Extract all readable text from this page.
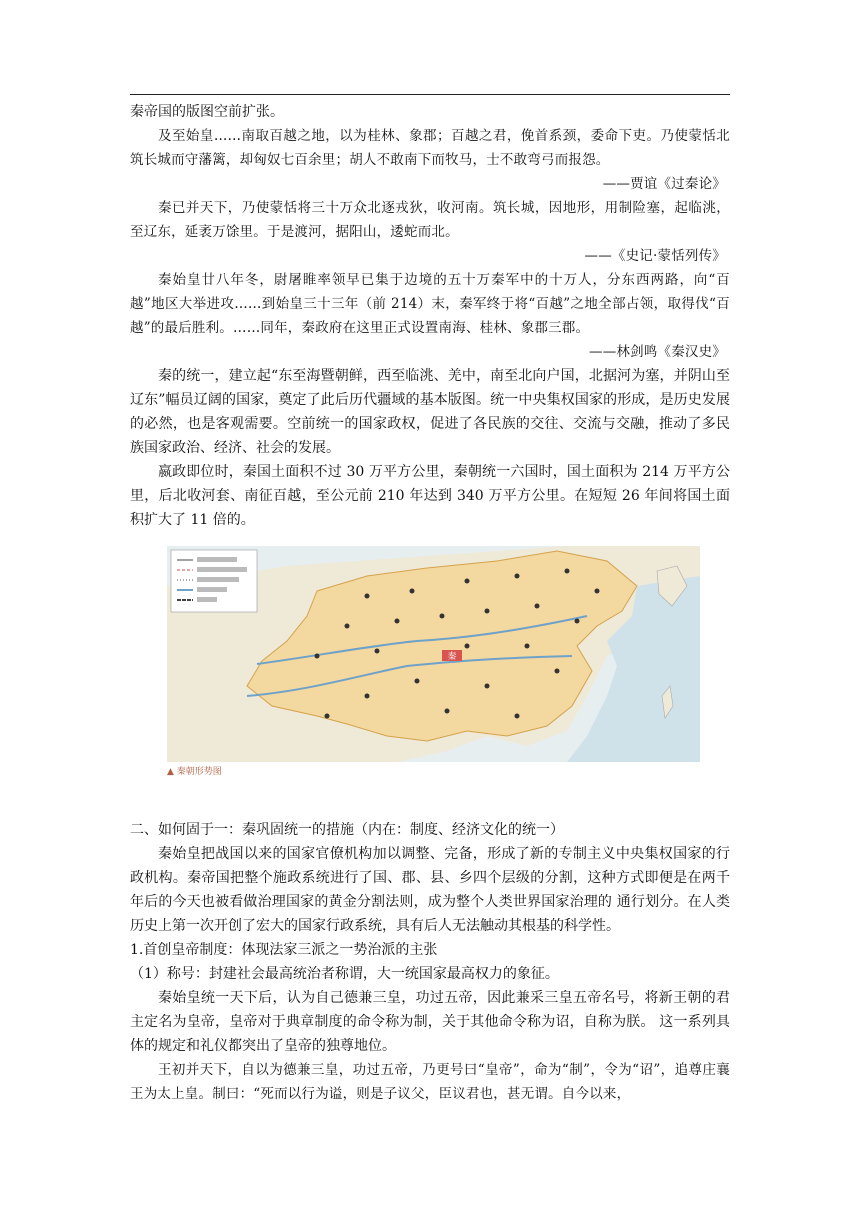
秦帝国的版图空前扩张。

及至始皇……南取百越之地，以为桂林、象郡；百越之君，俛首系颈，委命下吏。乃使蒙恬北筑长城而守藩篱，却匈奴七百余里；胡人不敢南下而牧马，士不敢弯弓而报怨。

——贾谊《过秦论》

秦已并天下，乃使蒙恬将三十万众北逐戎狄，收河南。筑长城，因地形，用制险塞，起临洮，至辽东，延袤万馀里。于是渡河，据阳山，逶蛇而北。

——《史记·蒙恬列传》

秦始皇廿八年冬，尉屠睢率领早已集于边境的五十万秦军中的十万人，分东西两路，向“百越”地区大举进攻……到始皇三十三年（前 214）末，秦军终于将“百越”之地全部占领，取得伐“百越”的最后胜利。……同年，秦政府在这里正式设置南海、桂林、象郡三郡。

——林剑鸣《秦汉史》

秦的统一，建立起“东至海暨朝鲜，西至临洮、羌中，南至北向户国，北据河为塞，并阴山至辽东”幅员辽阔的国家，奠定了此后历代疆域的基本版图。统一中央集权国家的形成，是历史发展的必然，也是客观需要。空前统一的国家政权，促进了各民族的交往、交流与交融，推动了多民族国家政治、经济、社会的发展。

嬴政即位时，秦国土面积不过 30 万平方公里，秦朝统一六国时，国土面积为 214 万平方公里，后北收河套、南征百越，至公元前 210 年达到 340 万平方公里。在短短 26 年间将国土面积扩大了 11 倍的。

秦
▲ 秦朝形势图

二、如何固于一：秦巩固统一的措施（内在：制度、经济文化的统一）

秦始皇把战国以来的国家官僚机构加以调整、完备，形成了新的专制主义中央集权国家的行政机构。秦帝国把整个施政系统进行了国、郡、县、乡四个层级的分割，这种方式即便是在两千年后的今天也被看做治理国家的黄金分割法则，成为整个人类世界国家治理的 通行划分。在人类历史上第一次开创了宏大的国家行政系统，具有后人无法触动其根基的科学性。

1.首创皇帝制度：体现法家三派之一势治派的主张

（1）称号：封建社会最高统治者称谓，大一统国家最高权力的象征。

秦始皇统一天下后，认为自己德兼三皇，功过五帝，因此兼采三皇五帝名号，将新王朝的君主定名为皇帝，皇帝对于典章制度的命令称为制，关于其他命令称为诏，自称为朕。 这一系列具体的规定和礼仪都突出了皇帝的独尊地位。

王初并天下，自以为德兼三皇，功过五帝，乃更号曰“皇帝”，命为“制”，令为“诏”，追尊庄襄王为太上皇。制曰：“死而以行为谥，则是子议父，臣议君也，甚无谓。自今以来，
